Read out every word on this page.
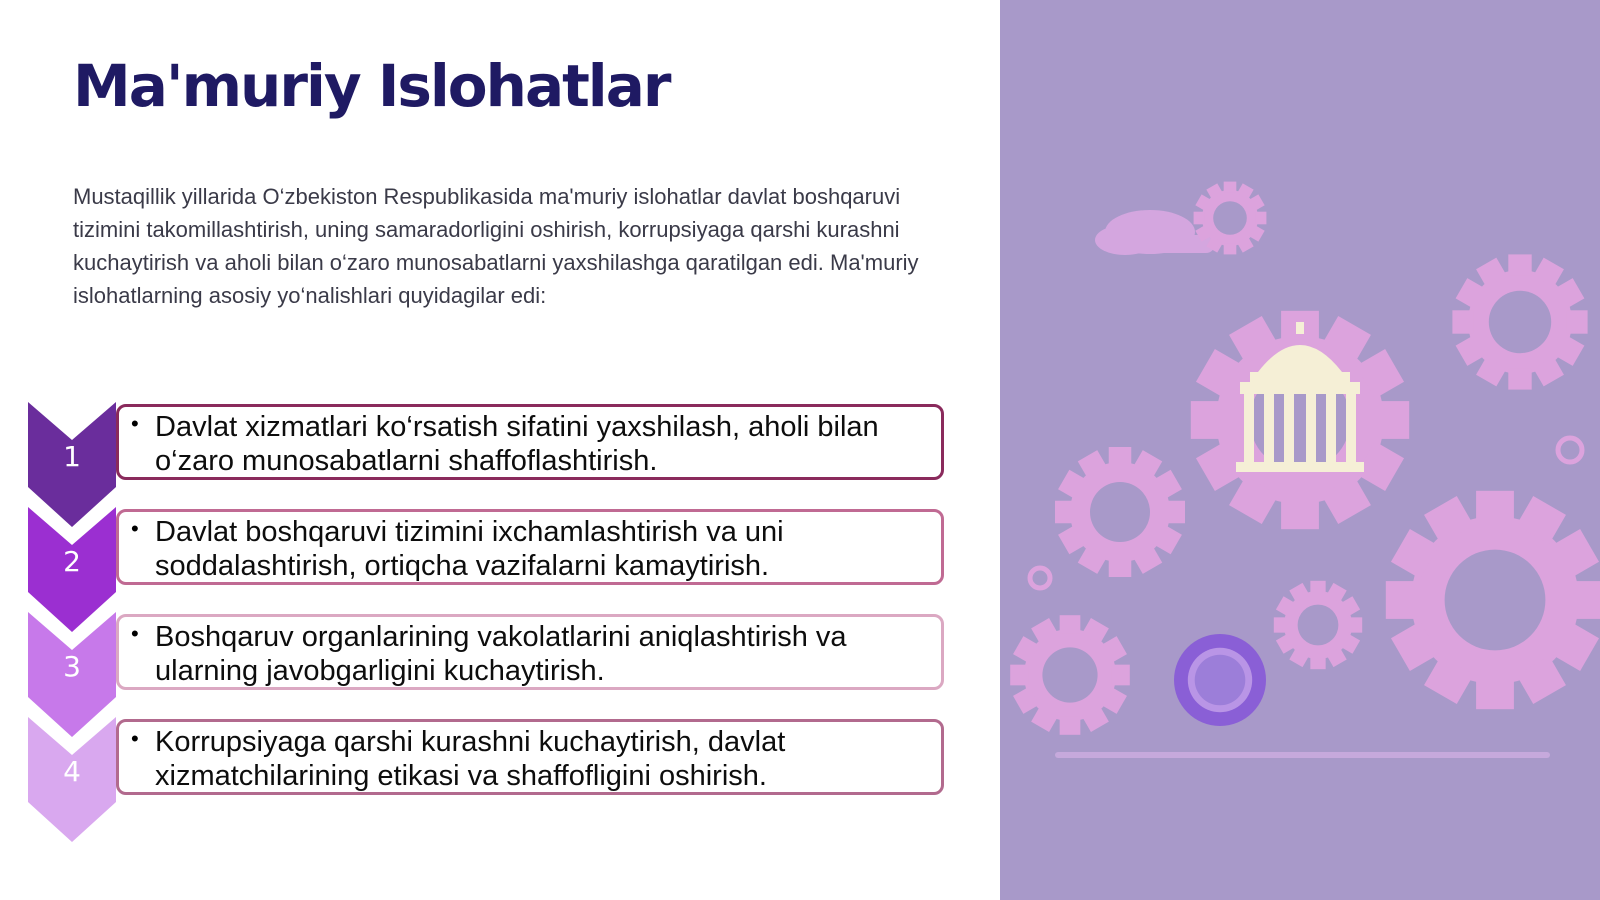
Ma'muriy Islohatlar

Mustaqillik yillarida O‘zbekiston Respublikasida ma'muriy islohatlar davlat boshqaruvi tizimini takomillashtirish, uning samaradorligini oshirish, korrupsiyaga qarshi kurashni kuchaytirish va aholi bilan o‘zaro munosabatlarni yaxshilashga qaratilgan edi. Ma'muriy islohatlarning asosiy yo‘nalishlari quyidagilar edi:

4
• Korrupsiyaga qarshi kurashni kuchaytirish, davlat xizmatchilarining etikasi va shaffofligini oshirish.
3
• Boshqaruv organlarining vakolatlarini aniqlashtirish va ularning javobgarligini kuchaytirish.
2
• Davlat boshqaruvi tizimini ixchamlashtirish va uni soddalashtirish, ortiqcha vazifalarni kamaytirish.
1
• Davlat xizmatlari ko‘rsatish sifatini yaxshilash, aholi bilan o‘zaro munosabatlarni shaffoflashtirish.
